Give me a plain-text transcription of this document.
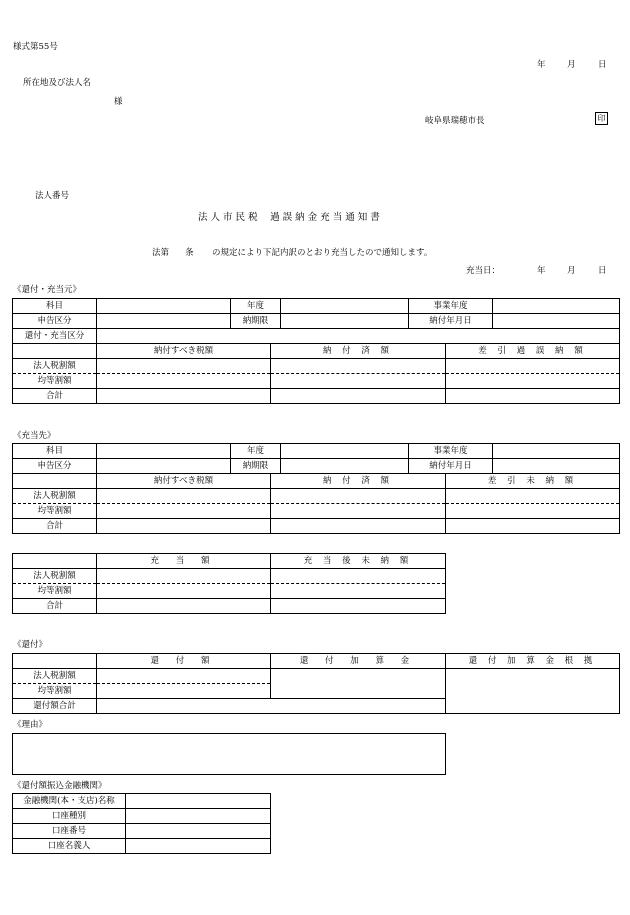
様式第55号
年	月	日
所在地及び法人名
様
岐阜県瑞穂市長	印
法人番号
法 人 市 民 税　 過 誤 納 金 充 当 通 知 書
法第 条 の規定により下記内訳のとおり充当したので通知します。
充当日：	年	月	日
《還付・充当元》
科目		年度		事業年度	
申告区分		納期限		納付年月日	
還付・充当区分					
	納付すべき税額	納 付 済 額	差 引 過 誤 納 額
法人税割額			
均等割額			
合計			
《充当先》
科目		年度		事業年度	
申告区分		納期限		納付年月日	
	納付すべき税額	納 付 済 額	差 引 未 納 額
法人税割額			
均等割額			
合計			
	充 当 額	充 当 後 未 納 額
法人税割額		
均等割額		
合計		
《還付》
	還 付 額	還 付 加 算 金	還 付 加 算 金 根 拠
法人税割額			
均等割額			
還付額合計			
《理由》
《還付額振込金融機関》
金融機関(本・支店)名称	
口座種別	
口座番号	
口座名義人	
